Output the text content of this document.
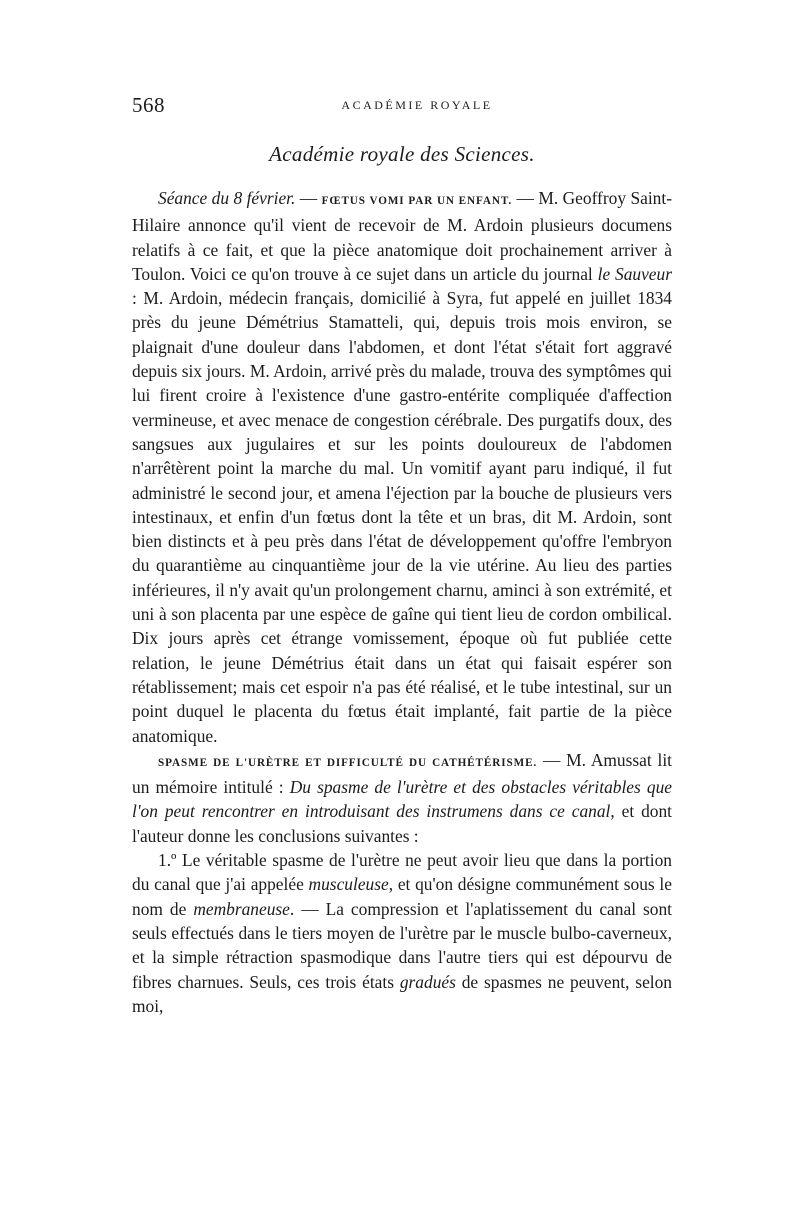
568	ACADÉMIE ROYALE
Académie royale des Sciences.

Séance du 8 février. — FŒTUS VOMI PAR UN ENFANT. — M. Geoffroy Saint-Hilaire annonce qu'il vient de recevoir de M. Ardoin plusieurs documens relatifs à ce fait, et que la pièce anatomique doit prochainement arriver à Toulon. Voici ce qu'on trouve à ce sujet dans un article du journal le Sauveur : M. Ardoin, médecin français, domicilié à Syra, fut appelé en juillet 1834 près du jeune Démétrius Stamatteli, qui, depuis trois mois environ, se plaignait d'une douleur dans l'abdomen, et dont l'état s'était fort aggravé depuis six jours. M. Ardoin, arrivé près du malade, trouva des symptômes qui lui firent croire à l'existence d'une gastro-entérite compliquée d'affection vermineuse, et avec menace de congestion cérébrale. Des purgatifs doux, des sangsues aux jugulaires et sur les points douloureux de l'abdomen n'arrêtèrent point la marche du mal. Un vomitif ayant paru indiqué, il fut administré le second jour, et amena l'éjection par la bouche de plusieurs vers intestinaux, et enfin d'un fœtus dont la tête et un bras, dit M. Ardoin, sont bien distincts et à peu près dans l'état de développement qu'offre l'embryon du quarantième au cinquantième jour de la vie utérine. Au lieu des parties inférieures, il n'y avait qu'un prolongement charnu, aminci à son extrémité, et uni à son placenta par une espèce de gaîne qui tient lieu de cordon ombilical. Dix jours après cet étrange vomissement, époque où fut publiée cette relation, le jeune Démétrius était dans un état qui faisait espérer son rétablissement; mais cet espoir n'a pas été réalisé, et le tube intestinal, sur un point duquel le placenta du fœtus était implanté, fait partie de la pièce anatomique.

SPASME DE L'URÈTRE ET DIFFICULTÉ DU CATHÉTÉRISME. — M. Amussat lit un mémoire intitulé : Du spasme de l'urètre et des obstacles véritables que l'on peut rencontrer en introduisant des instrumens dans ce canal, et dont l'auteur donne les conclusions suivantes :

1.º Le véritable spasme de l'urètre ne peut avoir lieu que dans la portion du canal que j'ai appelée musculeuse, et qu'on désigne communément sous le nom de membraneuse. — La compression et l'aplatissement du canal sont seuls effectués dans le tiers moyen de l'urètre par le muscle bulbo-caverneux, et la simple rétraction spasmodique dans l'autre tiers qui est dépourvu de fibres charnues. Seuls, ces trois états gradués de spasmes ne peuvent, selon moi,
